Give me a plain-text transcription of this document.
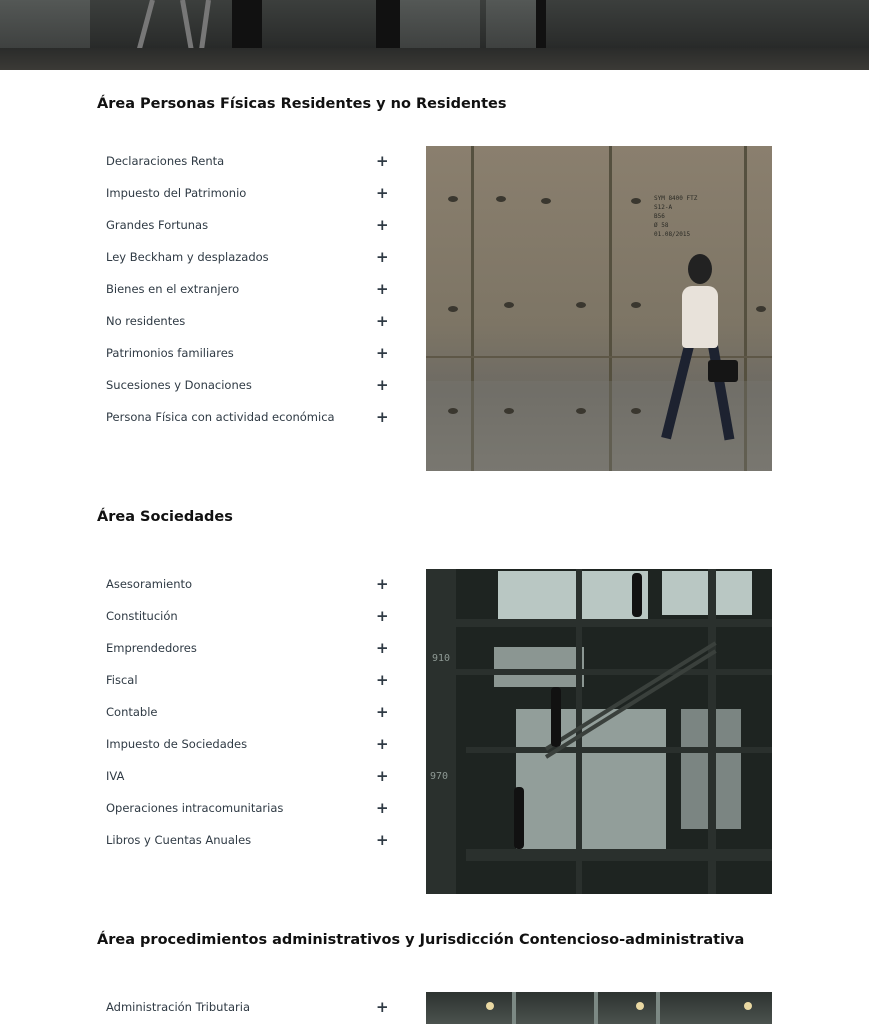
Área Personas Físicas Residentes y no Residentes
Declaraciones Renta	+
Impuesto del Patrimonio	+
Grandes Fortunas	+
Ley Beckham y desplazados	+
Bienes en el extranjero	+
No residentes	+
Patrimonios familiares	+
Sucesiones y Donaciones	+
Persona Física con actividad económica	+
SYM 8400 FTZ
S12-A
B56
Ø 58
01.08/2015
Área Sociedades
Asesoramiento	+
Constitución	+
Emprendedores	+
Fiscal	+
Contable	+
Impuesto de Sociedades	+
IVA	+
Operaciones intracomunitarias	+
Libros y Cuentas Anuales	+
910
970
Área procedimientos administrativos y Jurisdicción Contencioso-administrativa
Administración Tributaria	+
